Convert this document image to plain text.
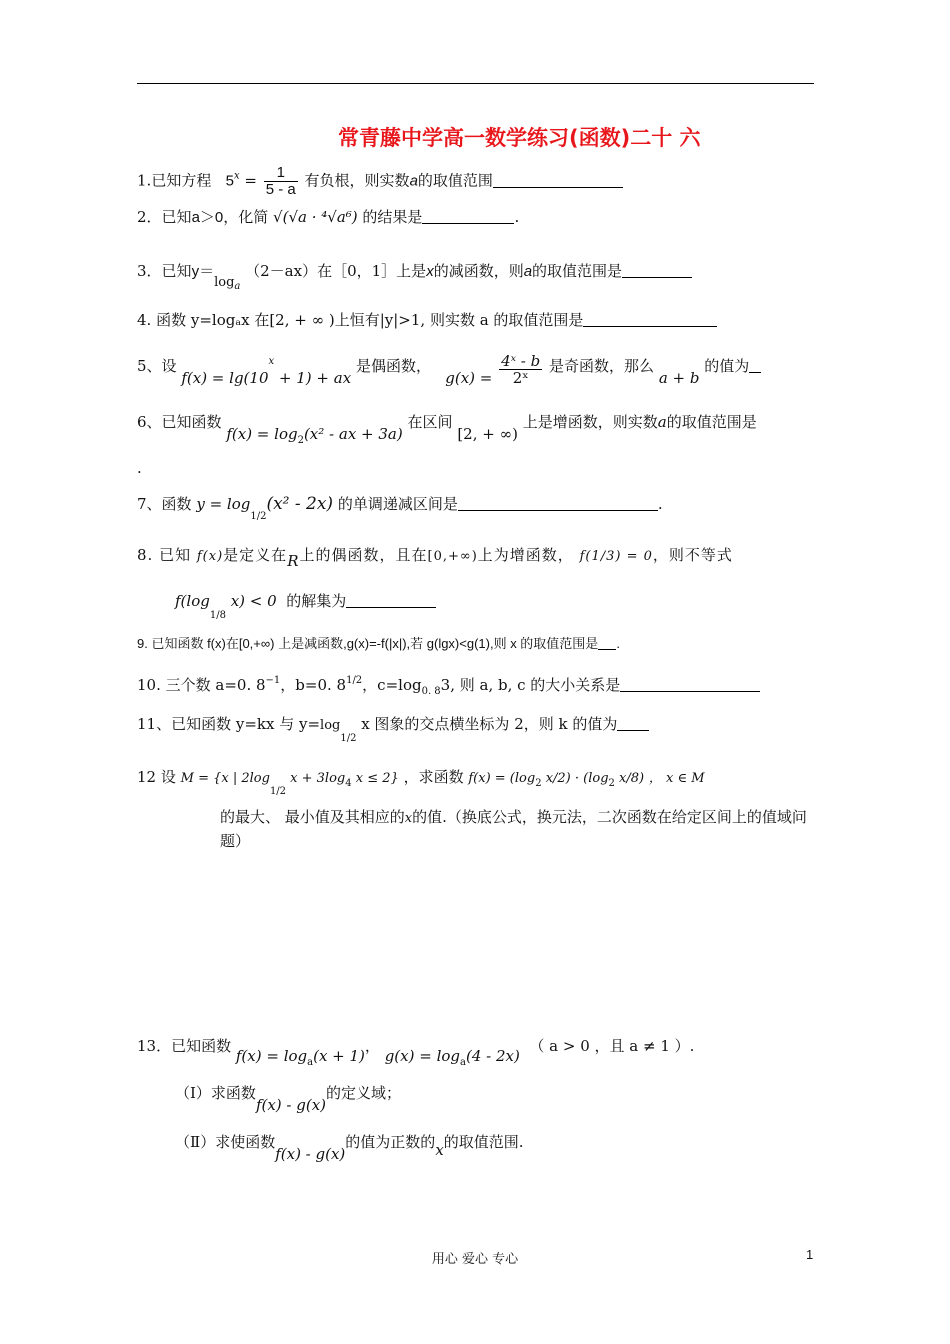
常青藤中学高一数学练习(函数)二十 六
1.已知方程 $5^x = \frac{1}{5 - a}$ 有负根，则实数a的取值范围
2．已知a＞0，化简 √(√a · ⁴√a⁶) 的结果是	.
3．已知$y=\log_a$ （2－ax）在［0，1］上是x的减函数，则a的取值范围是
4. 函数 y=logₐx 在[2, + ∞ )上恒有|y|>1, 则实数 a 的取值范围是
5、设 $f(x) = \lg(10^x + 1)$ + ax 是偶函数，   $g(x) = \frac{\text{4ˣ - b}}{\text{2ˣ}}$ 是奇函数，那么 a + b 的值为
6、已知函数 $f(x) = \log_2(x^2$ - ax + 3a) 在区间 [2, + ∞) 上是增函数，则实数a的取值范围是
.
7、函数 $y = \log_{1/2}(x^2 - 2x)$ 的单调递减区间是	.
8. 已知 f(x)是定义在R上的偶函数，且在[0,+∞)上为增函数， f(1/3) = 0，则不等式
$f(\log_{1/8}$ x) < 0 的解集为
9. 已知函数 f(x)在[0,+∞) 上是减函数,g(x)=-f(|x|),若 g(lgx)<g(1),则 x 的取值范围是 .
10. 三个数 a=0. $8^{-1}$，b=0. $8^{1/2}$，$c=\log_{0. 8}3$, 则 a, b, c 的大小关系是
11、已知函数 y=kx 与 $y=\log_{1/2}$ x 图象的交点横坐标为 2，则 k 的值为
12 设 M = {x | $2\log_{1/2}$ $x + 3\log_4$ x ≤ 2} ，求函数 $f(x) = (\log_2$ $x/2) \cdot (\log_2$ x/8) ， x ∈ M
的最大、 最小值及其相应的x的值.（换底公式，换元法，二次函数在给定区间上的值域问题）
13．已知函数 $f(x) = \log_a(x + 1)$， $g(x) = \log_a(4 - 2x)$  （ a > 0 ，且 a ≠ 1 ）.
（Ⅰ）求函数f(x) - g(x)的定义域；
（Ⅱ）求使函数f(x) - g(x)的值为正数的x的取值范围.
用心 爱心 专心	1
